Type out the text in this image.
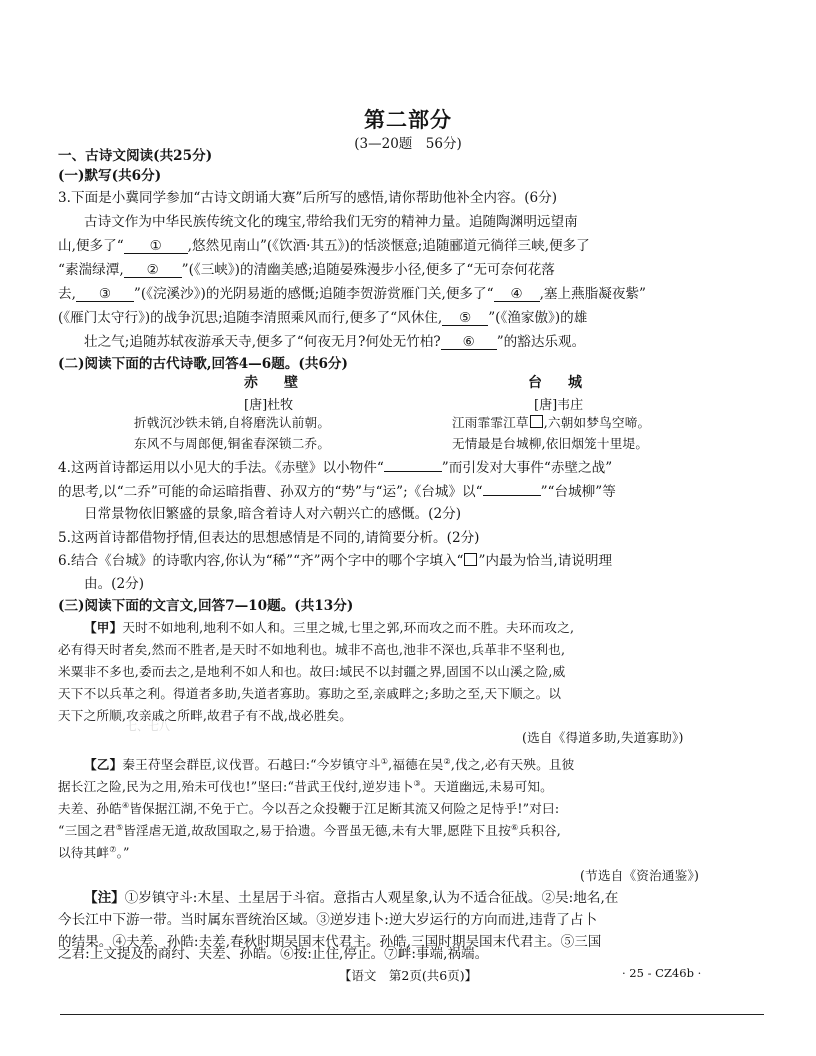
第二部分
(3—20题　56分)
一、古诗文阅读(共25分)
(一)默写(共6分)
3.下面是小冀同学参加“古诗文朗诵大赛”后所写的感悟,请你帮助他补全内容。(6分)
古诗文作为中华民族传统文化的瑰宝,带给我们无穷的精神力量。追随陶渊明远望南
山,便多了“ ① ,悠然见南山”(《饮酒·其五》)的恬淡惬意;追随郦道元徜徉三峡,便多了
“素湍绿潭, ② ”(《三峡》)的清幽美感;追随晏殊漫步小径,便多了“无可奈何花落
去, ③ ”(《浣溪沙》)的光阴易逝的感慨;追随李贺游赏雁门关,便多了“ ④ ,塞上燕脂凝夜紫”
(《雁门太守行》)的战争沉思;追随李清照乘风而行,便多了“风休住, ⑤ ”(《渔家傲》)的雄
壮之气;追随苏轼夜游承天寺,便多了“何夜无月?何处无竹柏? ⑥ ”的豁达乐观。
(二)阅读下面的古代诗歌,回答4—6题。(共6分)
赤壁
[唐]杜牧
折戟沉沙铁未销,自将磨洗认前朝。
东风不与周郎便,铜雀春深锁二乔。
台城
[唐]韦庄
江雨霏霏江草 ,六朝如梦鸟空啼。
无情最是台城柳,依旧烟笼十里堤。
4.这两首诗都运用以小见大的手法。《赤壁》以小物件“	”而引发对大事件“赤壁之战”
的思考,以“二乔”可能的命运暗指曹、孙双方的“势”与“运”;《台城》以“	”“台城柳”等
日常景物依旧繁盛的景象,暗含着诗人对六朝兴亡的感慨。(2分)
5.这两首诗都借物抒情,但表达的思想感情是不同的,请简要分析。(2分)
6.结合《台城》的诗歌内容,你认为“稀”“齐”两个字中的哪个字填入“ ”内最为恰当,请说明理
由。(2分)
(三)阅读下面的文言文,回答7—10题。(共13分)
【甲】天时不如地利,地利不如人和。三里之城,七里之郭,环而攻之而不胜。夫环而攻之,
必有得天时者矣,然而不胜者,是天时不如地利也。城非不高也,池非不深也,兵革非不坚利也,
米粟非不多也,委而去之,是地利不如人和也。故曰:域民不以封疆之界,固国不以山溪之险,威
天下不以兵革之利。得道者多助,失道者寡助。寡助之至,亲戚畔之;多助之至,天下顺之。以
天下之所顺,攻亲戚之所畔,故君子有不战,战必胜矣。
(选自《得道多助,失道寡助》)
七、七八
【乙】秦王苻坚会群臣,议伐晋。石越曰:“今岁镇守斗①,福德在吴②,伐之,必有天殃。且彼
据长江之险,民为之用,殆未可伐也!”坚曰:“昔武王伐纣,逆岁违卜③。天道幽远,未易可知。
夫差、孙皓④皆保据江湖,不免于亡。今以吾之众投鞭于江足断其流又何险之足恃乎!”对曰:
“三国之君⑤皆淫虐无道,故敌国取之,易于拾遗。今晋虽无德,未有大罪,愿陛下且按⑥兵积谷,
以待其衅⑦。”
(节选自《资治通鉴》)
【注】①岁镇守斗:木星、土星居于斗宿。意指古人观星象,认为不适合征战。②吴:地名,在
今长江中下游一带。当时属东晋统治区域。③逆岁违卜:逆大岁运行的方向而进,违背了占卜
的结果。④夫差、孙皓:夫差,春秋时期吴国末代君主。孙皓,三国时期吴国末代君主。⑤三国
【语文　第2页(共6页)】	· 25 - CZ46b ·
之君:上文提及的商纣、夫差、孙皓。⑥按:止住,停止。⑦衅:事端,祸端。
